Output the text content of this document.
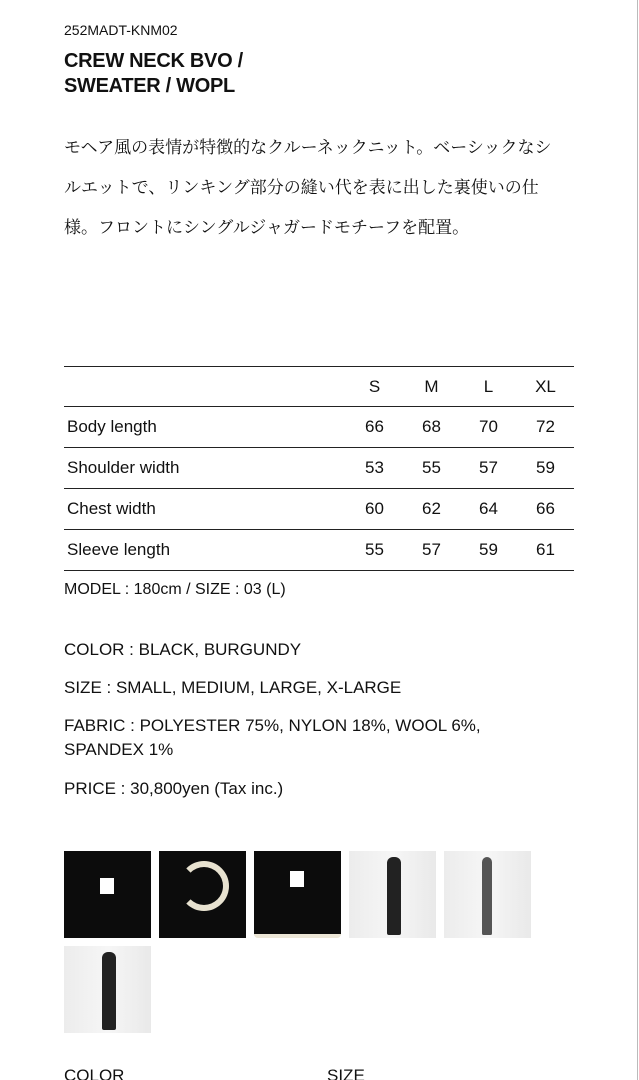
252MADT-KNM02
CREW NECK BVO /
SWEATER / WOPL
モヘア風の表情が特徴的なクルーネックニット。ベーシックなシルエットで、リンキング部分の縫い代を表に出した裏使いの仕様。フロントにシングルジャガードモチーフを配置。
	S	M	L	XL
Body length	66	68	70	72
Shoulder width	53	55	57	59
Chest width	60	62	64	66
Sleeve length	55	57	59	61
MODEL : 180cm / SIZE : 03 (L)
COLOR : BLACK, BURGUNDY
SIZE : SMALL, MEDIUM, LARGE, X-LARGE
FABRIC : POLYESTER 75%, NYLON 18%, WOOL 6%, SPANDEX 1%
PRICE : 30,800yen (Tax inc.)
COLOR	SIZE
